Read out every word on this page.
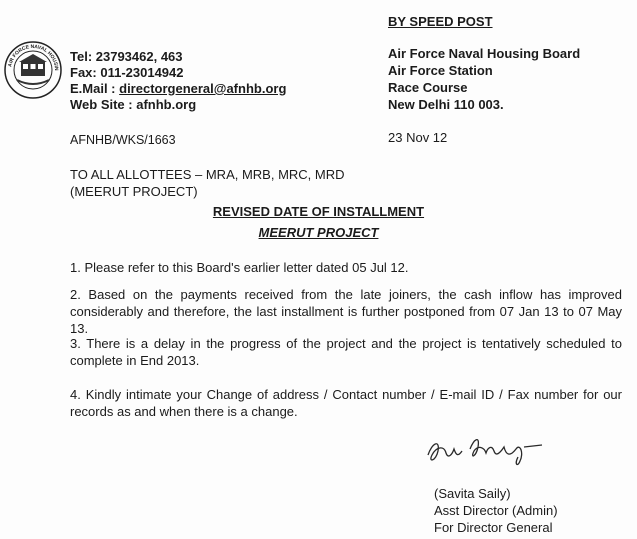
AIR FORCE NAVAL HOUSIN
BY SPEED POST
Tel: 23793462, 463
Fax: 011-23014942
E.Mail : directorgeneral@afnhb.org
Web Site : afnhb.org
Air Force Naval Housing Board
Air Force Station
Race Course
New Delhi 110 003.
AFNHB/WKS/1663	23 Nov 12
TO ALL ALLOTTEES – MRA, MRB, MRC, MRD
(MEERUT PROJECT)
REVISED DATE OF INSTALLMENT
MEERUT PROJECT
1. Please refer to this Board's earlier letter dated 05 Jul 12.
2. Based on the payments received from the late joiners, the cash inflow has improved considerably and therefore, the last installment is further postponed from 07 Jan 13 to 07 May 13.
3. There is a delay in the progress of the project and the project is tentatively scheduled to complete in End 2013.
4. Kindly intimate your Change of address / Contact number / E-mail ID / Fax number for our records as and when there is a change.
(Savita Saily)
Asst Director (Admin)
For Director General
